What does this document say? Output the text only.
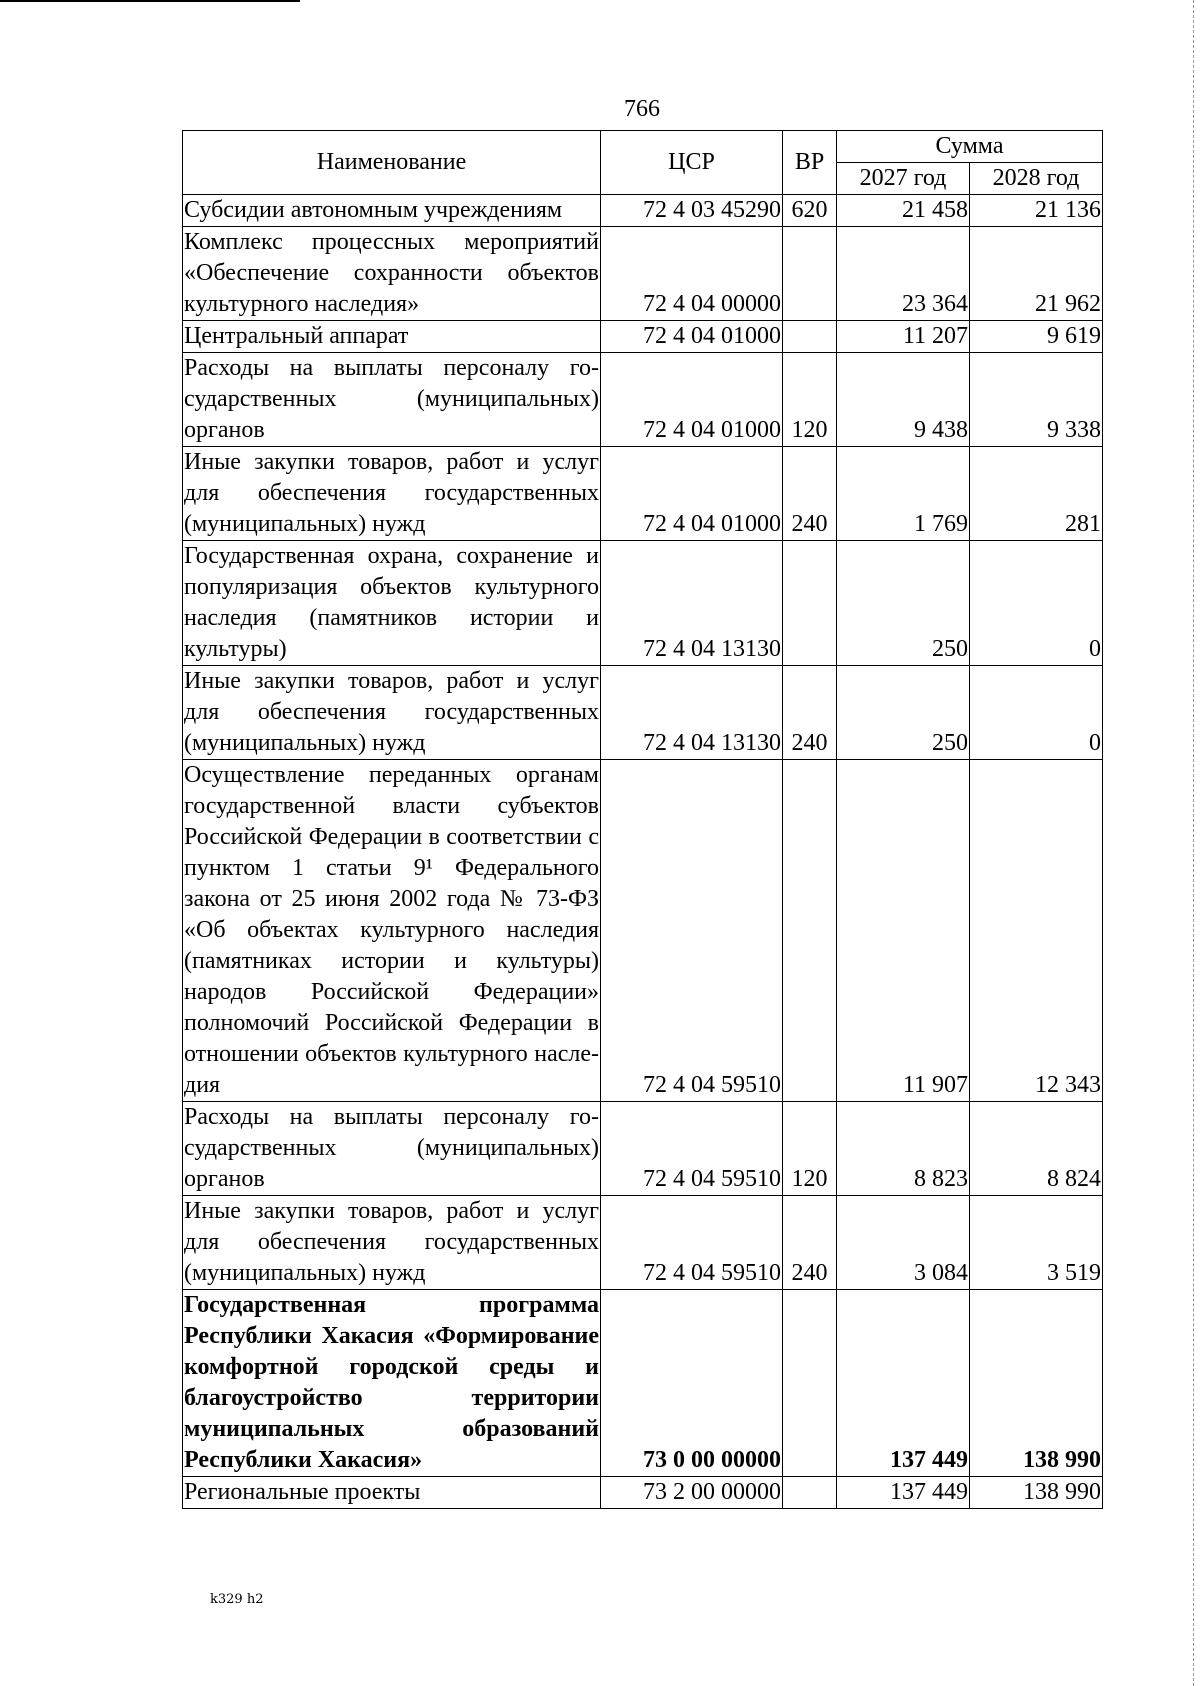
766
Наименование	ЦСР	ВР	Сумма	
			2027 год	2028 год
Субсидии автономным учреждениям	72 4 03 45290	620	21 458	21 136
Комплекс процессных мероприятий «Обеспечение сохранности объектов культурного наследия»	72 4 04 00000		23 364	21 962
Центральный аппарат	72 4 04 01000		11 207	9 619
Расходы на выплаты персоналу государственных (муниципальных) органов	72 4 04 01000	120	9 438	9 338
Иные закупки товаров, работ и услуг для обеспечения государственных (муниципальных) нужд	72 4 04 01000	240	1 769	281
Государственная охрана, сохранение и популяризация объектов культурного наследия (памятников истории и культуры)	72 4 04 13130		250	0
Иные закупки товаров, работ и услуг для обеспечения государственных (муниципальных) нужд	72 4 04 13130	240	250	0
Осуществление переданных органам государственной власти субъектов Российской Федерации в соответствии с пунктом 1 статьи 9¹ Федерального закона от 25 июня 2002 года № 73-ФЗ «Об объектах культурного наследия (памятниках истории и культуры) народов Российской Федерации» полномочий Российской Федерации в отношении объектов культурного наследия	72 4 04 59510		11 907	12 343
Расходы на выплаты персоналу государственных (муниципальных) органов	72 4 04 59510	120	8 823	8 824
Иные закупки товаров, работ и услуг для обеспечения государственных (муниципальных) нужд	72 4 04 59510	240	3 084	3 519
Государственная программа Республики Хакасия «Формирование комфортной городской среды и благоустройство территории муниципальных образований Республики Хакасия»	73 0 00 00000		137 449	138 990
Региональные проекты	73 2 00 00000		137 449	138 990
k329 h2
